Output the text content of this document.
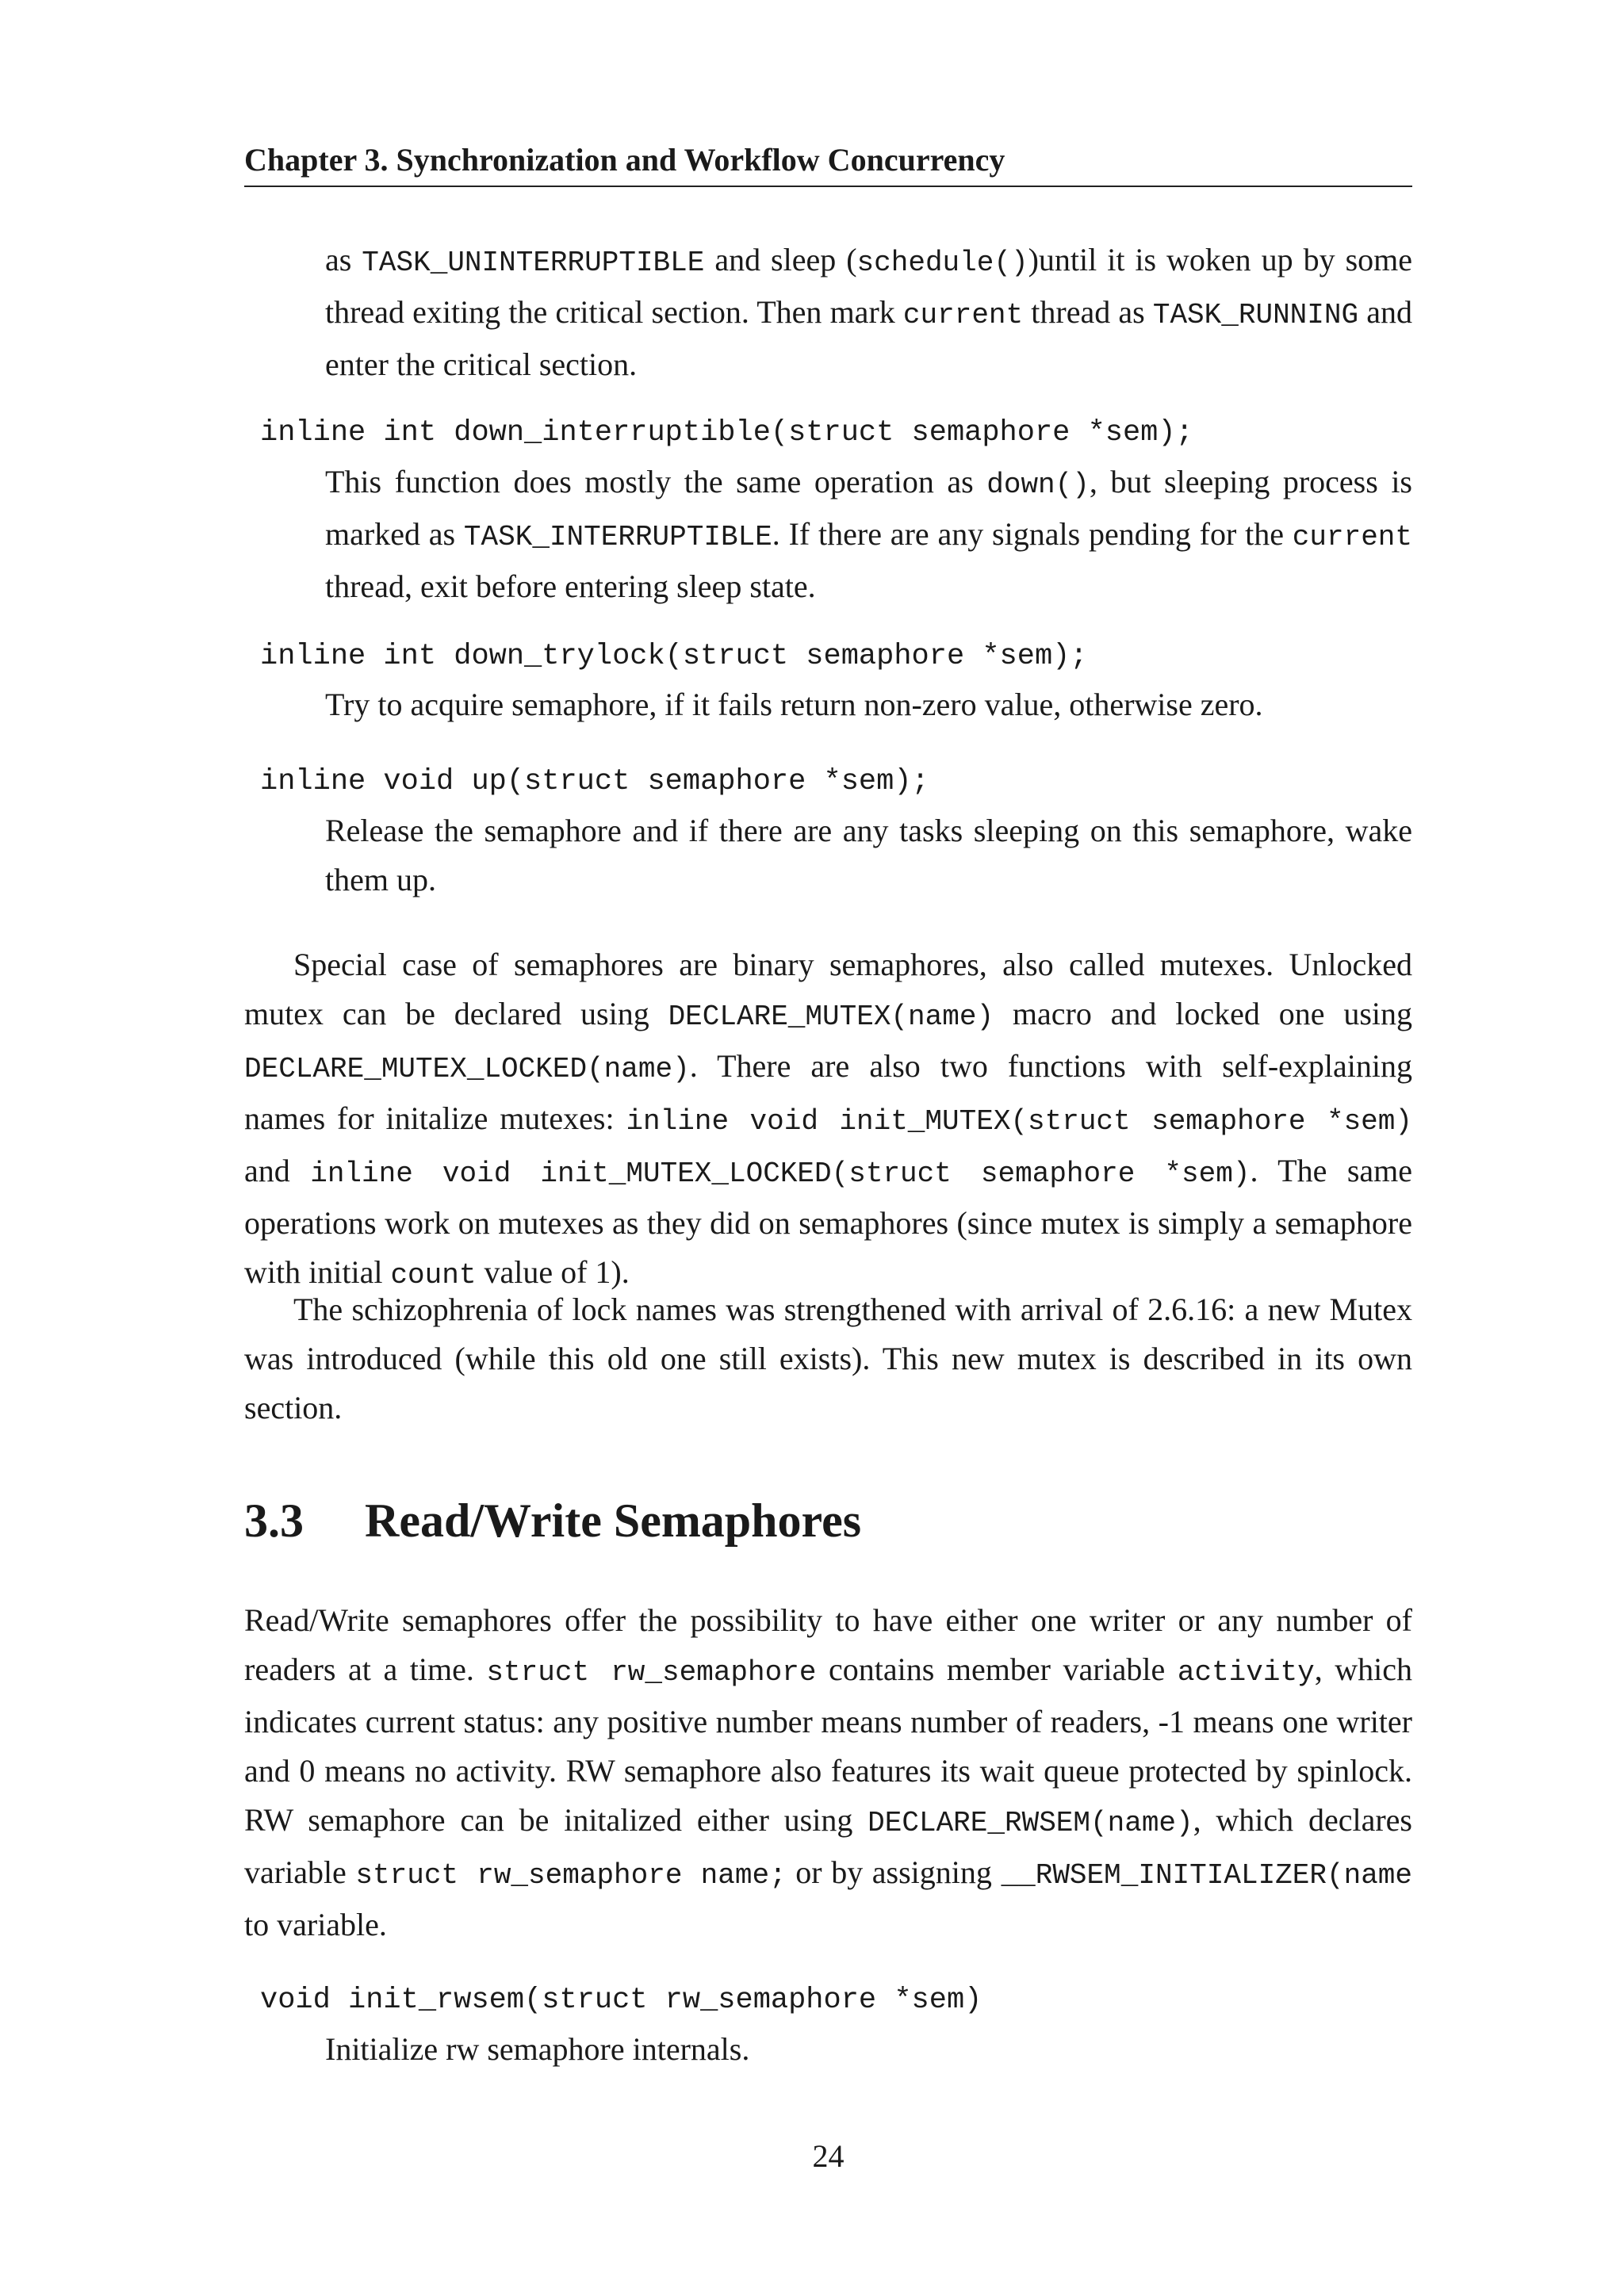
Chapter 3. Synchronization and Workflow Concurrency

as TASK_UNINTERRUPTIBLE and sleep (schedule())until it is woken up by some thread exiting the critical section. Then mark current thread as TASK_RUNNING and enter the critical section.

inline int down_interruptible(struct semaphore *sem);

This function does mostly the same operation as down(), but sleeping process is marked as TASK_INTERRUPTIBLE. If there are any signals pending for the current thread, exit before entering sleep state.

inline int down_trylock(struct semaphore *sem);

Try to acquire semaphore, if it fails return non-zero value, otherwise zero.

inline void up(struct semaphore *sem);

Release the semaphore and if there are any tasks sleeping on this semaphore, wake them up.

Special case of semaphores are binary semaphores, also called mutexes. Unlocked mutex can be declared using DECLARE_MUTEX(name) macro and locked one using DECLARE_MUTEX_LOCKED(name). There are also two functions with self-explaining names for initalize mutexes: inline void init_MUTEX(struct semaphore *sem) and inline void init_MUTEX_LOCKED(struct semaphore *sem). The same operations work on mutexes as they did on semaphores (since mutex is simply a semaphore with initial count value of 1).

The schizophrenia of lock names was strengthened with arrival of 2.6.16: a new Mutex was introduced (while this old one still exists). This new mutex is described in its own section.

3.3 Read/Write Semaphores

Read/Write semaphores offer the possibility to have either one writer or any number of readers at a time. struct rw_semaphore contains member variable activity, which indicates current status: any positive number means number of readers, -1 means one writer and 0 means no activity. RW semaphore also features its wait queue protected by spinlock. RW semaphore can be initalized either using DECLARE_RWSEM(name), which declares variable struct rw_semaphore name; or by assigning __RWSEM_INITIALIZER(name to variable.

void init_rwsem(struct rw_semaphore *sem)

Initialize rw semaphore internals.

24
